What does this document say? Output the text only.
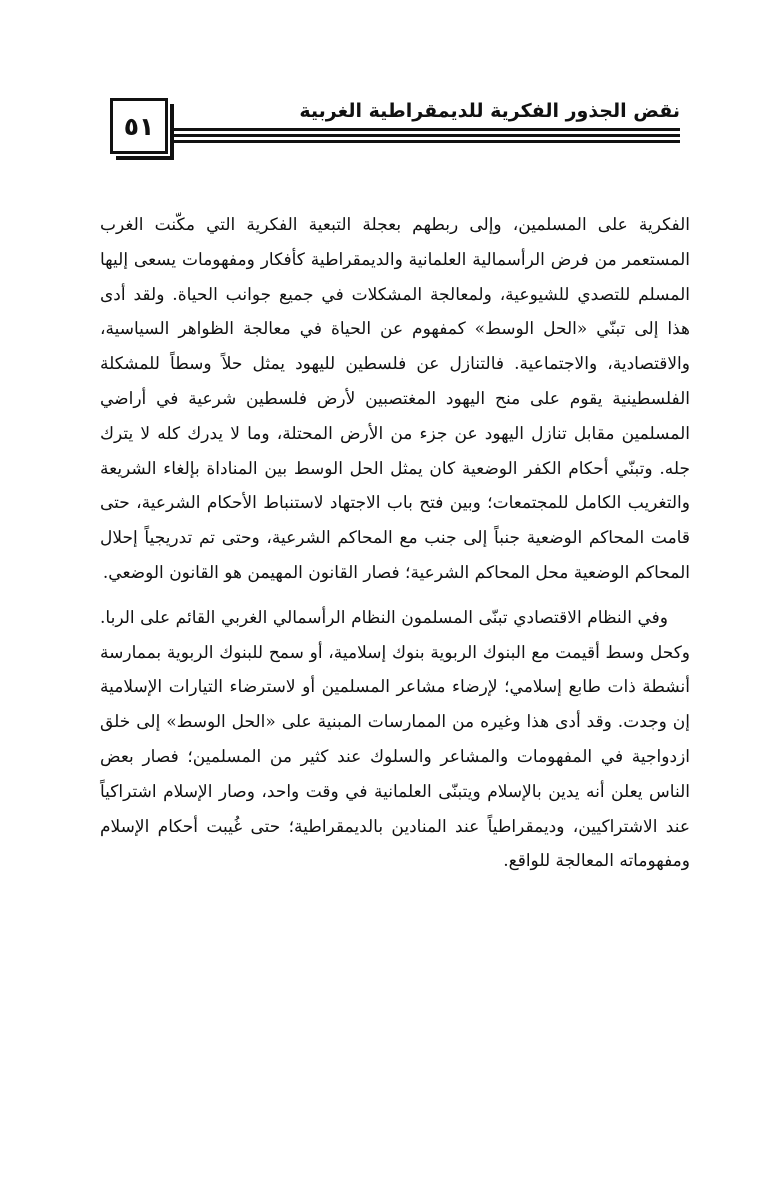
٥١
نقض الجذور الفكرية للديمقراطية الغربية

الفكرية على المسلمين، وإلى ربطهم بعجلة التبعية الفكرية التي مكّنت الغرب المستعمر من فرض الرأسمالية العلمانية والديمقراطية كأفكار ومفهومات يسعى إليها المسلم للتصدي للشيوعية، ولمعالجة المشكلات في جميع جوانب الحياة. ولقد أدى هذا إلى تبنّي «الحل الوسط» كمفهوم عن الحياة في معالجة الظواهر السياسية، والاقتصادية، والاجتماعية. فالتنازل عن فلسطين لليهود يمثل حلاً وسطاً للمشكلة الفلسطينية يقوم على منح اليهود المغتصبين لأرض فلسطين شرعية في أراضي المسلمين مقابل تنازل اليهود عن جزء من الأرض المحتلة، وما لا يدرك كله لا يترك جله. وتبنّي أحكام الكفر الوضعية كان يمثل الحل الوسط بين المناداة بإلغاء الشريعة والتغريب الكامل للمجتمعات؛ وبين فتح باب الاجتهاد لاستنباط الأحكام الشرعية، حتى قامت المحاكم الوضعية جنباً إلى جنب مع المحاكم الشرعية، وحتى تم تدريجياً إحلال المحاكم الوضعية محل المحاكم الشرعية؛ فصار القانون المهيمن هو القانون الوضعي.

وفي النظام الاقتصادي تبنّى المسلمون النظام الرأسمالي الغربي القائم على الربا. وكحل وسط أقيمت مع البنوك الربوية بنوك إسلامية، أو سمح للبنوك الربوية بممارسة أنشطة ذات طابع إسلامي؛ لإرضاء مشاعر المسلمين أو لاسترضاء التيارات الإسلامية إن وجدت. وقد أدى هذا وغيره من الممارسات المبنية على «الحل الوسط» إلى خلق ازدواجية في المفهومات والمشاعر والسلوك عند كثير من المسلمين؛ فصار بعض الناس يعلن أنه يدين بالإسلام ويتبنّى العلمانية في وقت واحد، وصار الإسلام اشتراكياً عند الاشتراكيين، وديمقراطياً عند المنادين بالديمقراطية؛ حتى غُيبت أحكام الإسلام ومفهوماته المعالجة للواقع.
